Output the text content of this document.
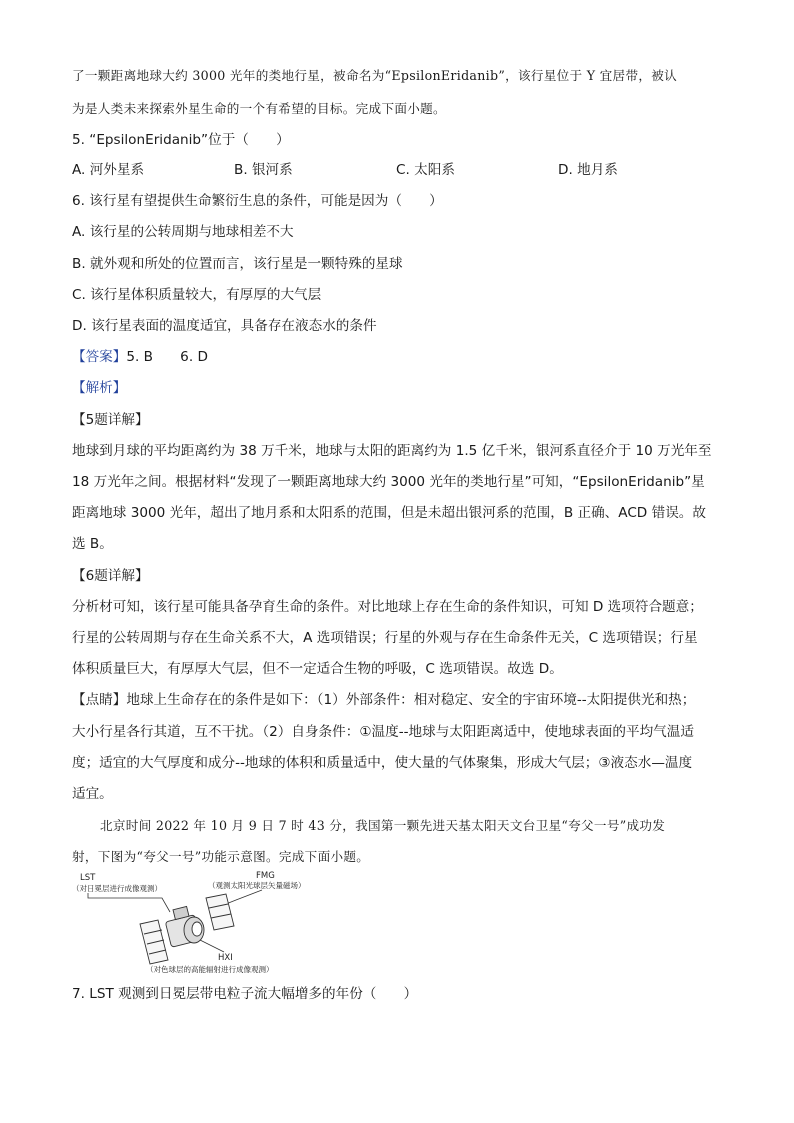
了一颗距离地球大约 3000 光年的类地行星，被命名为“EpsilonEridanib”，该行星位于 Y 宜居带，被认
为是人类未来探索外星生命的一个有希望的目标。完成下面小题。
5. “EpsilonEridanib”位于（　　）
A. 河外星系	B. 银河系	C. 太阳系	D. 地月系
6. 该行星有望提供生命繁衍生息的条件，可能是因为（　　）
A. 该行星的公转周期与地球相差不大
B. 就外观和所处的位置而言，该行星是一颗特殊的星球
C. 该行星体积质量较大，有厚厚的大气层
D. 该行星表面的温度适宜，具备存在液态水的条件
【答案】5. B　　6. D
【解析】
【5题详解】
地球到月球的平均距离约为 38 万千米，地球与太阳的距离约为 1.5 亿千米，银河系直径介于 10 万光年至
18 万光年之间。根据材料“发现了一颗距离地球大约 3000 光年的类地行星”可知，“EpsilonEridanib”星
距离地球 3000 光年，超出了地月系和太阳系的范围，但是未超出银河系的范围，B 正确、ACD 错误。故
选 B。
【6题详解】
分析材可知，该行星可能具备孕育生命的条件。对比地球上存在生命的条件知识，可知 D 选项符合题意；
行星的公转周期与存在生命关系不大，A 选项错误；行星的外观与存在生命条件无关，C 选项错误；行星
体积质量巨大，有厚厚大气层，但不一定适合生物的呼吸，C 选项错误。故选 D。
【点睛】地球上生命存在的条件是如下：（1）外部条件：相对稳定、安全的宇宙环境--太阳提供光和热；
大小行星各行其道，互不干扰。（2）自身条件：①温度--地球与太阳距离适中，使地球表面的平均气温适
度；适宜的大气厚度和成分--地球的体积和质量适中，使大量的气体聚集，形成大气层；③液态水—温度
适宜。
北京时间 2022 年 10 月 9 日 7 时 43 分，我国第一颗先进天基太阳天文台卫星“夸父一号”成功发
射，下图为“夸父一号”功能示意图。完成下面小题。
LST
（对日冕层进行成像观测）
FMG
（观测太阳光球层矢量磁场）
HXI
（对色球层的高能辐射进行成像观测）
7. LST 观测到日冕层带电粒子流大幅增多的年份（　　）
